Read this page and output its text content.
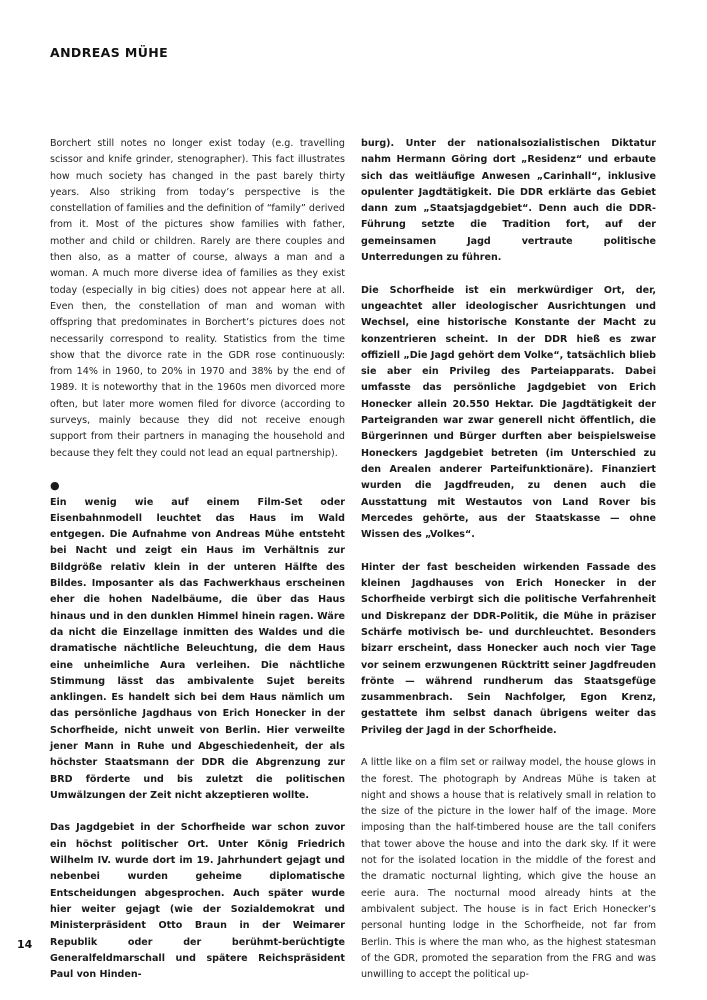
ANDREAS MÜHE

Borchert still notes no longer exist today (e.g. travelling scissor and knife grinder, stenographer). This fact illustrates how much society has changed in the past barely thirty years. Also striking from today’s perspective is the constellation of families and the definition of “family” derived from it. Most of the pictures show families with father, mother and child or children. Rarely are there couples and then also, as a matter of course, always a man and a woman. A much more diverse idea of families as they exist today (especially in big cities) does not appear here at all. Even then, the constellation of man and woman with offspring that predominates in Borchert’s pictures does not necessarily correspond to reality. Statistics from the time show that the divorce rate in the GDR rose continuously: from 14% in 1960, to 20% in 1970 and 38% by the end of 1989. It is noteworthy that in the 1960s men divorced more often, but later more women filed for divorce (according to surveys, mainly because they did not receive enough support from their partners in managing the household and because they felt they could not lead an equal partnership).

●

Ein wenig wie auf einem Film-Set oder Eisenbahnmodell leuchtet das Haus im Wald entgegen. Die Aufnahme von Andreas Mühe entsteht bei Nacht und zeigt ein Haus im Verhältnis zur Bildgröße relativ klein in der unteren Hälfte des Bildes. Imposanter als das Fachwerkhaus erscheinen eher die hohen Nadelbäume, die über das Haus hinaus und in den dunklen Himmel hinein ragen. Wäre da nicht die Einzellage inmitten des Waldes und die dramatische nächtliche Beleuchtung, die dem Haus eine unheimliche Aura verleihen. Die nächtliche Stimmung lässt das ambivalente Sujet bereits anklingen. Es handelt sich bei dem Haus nämlich um das persönliche Jagdhaus von Erich Honecker in der Schorfheide, nicht unweit von Berlin. Hier verweilte jener Mann in Ruhe und Abgeschiedenheit, der als höchster Staatsmann der DDR die Abgrenzung zur BRD förderte und bis zuletzt die politischen Umwälzungen der Zeit nicht akzeptieren wollte.

Das Jagdgebiet in der Schorfheide war schon zuvor ein höchst politischer Ort. Unter König Friedrich Wilhelm IV. wurde dort im 19. Jahrhundert gejagt und nebenbei wurden geheime diplomatische Entscheidungen abgesprochen. Auch später wurde hier weiter gejagt (wie der Sozialdemokrat und Ministerpräsident Otto Braun in der Weimarer Republik oder der berühmt-berüchtigte Generalfeldmarschall und spätere Reichspräsident Paul von Hinden-

burg). Unter der nationalsozialistischen Diktatur nahm Hermann Göring dort „Residenz“ und erbaute sich das weitläufige Anwesen „Carinhall“, inklusive opulenter Jagdtätigkeit. Die DDR erklärte das Gebiet dann zum „Staatsjagdgebiet“. Denn auch die DDR-Führung setzte die Tradition fort, auf der gemeinsamen Jagd vertraute politische Unterredungen zu führen.

Die Schorfheide ist ein merkwürdiger Ort, der, ungeachtet aller ideologischer Ausrichtungen und Wechsel, eine historische Konstante der Macht zu konzentrieren scheint. In der DDR hieß es zwar offiziell „Die Jagd gehört dem Volke“, tatsächlich blieb sie aber ein Privileg des Parteiapparats. Dabei umfasste das persönliche Jagdgebiet von Erich Honecker allein 20.550 Hektar. Die Jagdtätigkeit der Parteigranden war zwar generell nicht öffentlich, die Bürgerinnen und Bürger durften aber beispielsweise Honeckers Jagdgebiet betreten (im Unterschied zu den Arealen anderer Parteifunktionäre). Finanziert wurden die Jagdfreuden, zu denen auch die Ausstattung mit Westautos von Land Rover bis Mercedes gehörte, aus der Staatskasse — ohne Wissen des „Volkes“.

Hinter der fast bescheiden wirkenden Fassade des kleinen Jagdhauses von Erich Honecker in der Schorfheide verbirgt sich die politische Verfahrenheit und Diskrepanz der DDR-Politik, die Mühe in präziser Schärfe motivisch be- und durchleuchtet. Besonders bizarr erscheint, dass Honecker auch noch vier Tage vor seinem erzwungenen Rücktritt seiner Jagdfreuden frönte — während rundherum das Staatsgefüge zusammenbrach. Sein Nachfolger, Egon Krenz, gestattete ihm selbst danach übrigens weiter das Privileg der Jagd in der Schorfheide.

A little like on a film set or railway model, the house glows in the forest. The photograph by Andreas Mühe is taken at night and shows a house that is relatively small in relation to the size of the picture in the lower half of the image. More imposing than the half-timbered house are the tall conifers that tower above the house and into the dark sky. If it were not for the isolated location in the middle of the forest and the dramatic nocturnal lighting, which give the house an eerie aura. The nocturnal mood already hints at the ambivalent subject. The house is in fact Erich Honecker’s personal hunting lodge in the Schorfheide, not far from Berlin. This is where the man who, as the highest statesman of the GDR, promoted the separation from the FRG and was unwilling to accept the political up-

14
